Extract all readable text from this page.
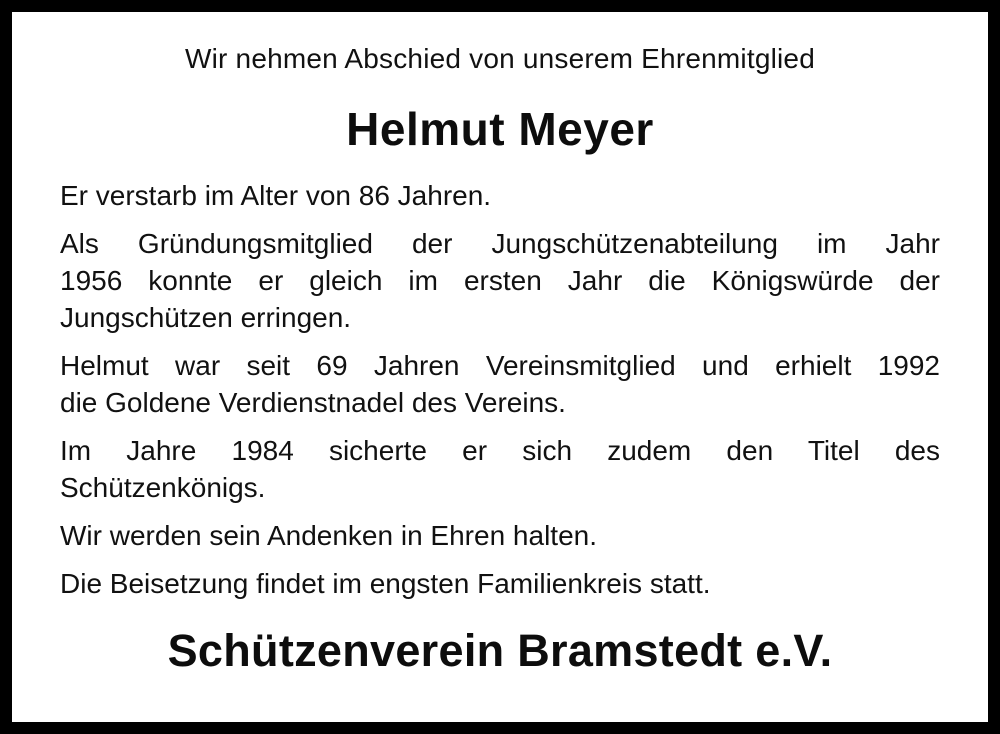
Wir nehmen Abschied von unserem Ehrenmitglied
Helmut Meyer
Er verstarb im Alter von 86 Jahren.
Als Gründungsmitglied der Jungschützenabteilung im Jahr
1956 konnte er gleich im ersten Jahr die Königswürde der
Jungschützen erringen.
Helmut war seit 69 Jahren Vereinsmitglied und erhielt 1992
die Goldene Verdienstnadel des Vereins.
Im Jahre 1984 sicherte er sich zudem den Titel des
Schützenkönigs.
Wir werden sein Andenken in Ehren halten.
Die Beisetzung findet im engsten Familienkreis statt.
Schützenverein Bramstedt e.V.
